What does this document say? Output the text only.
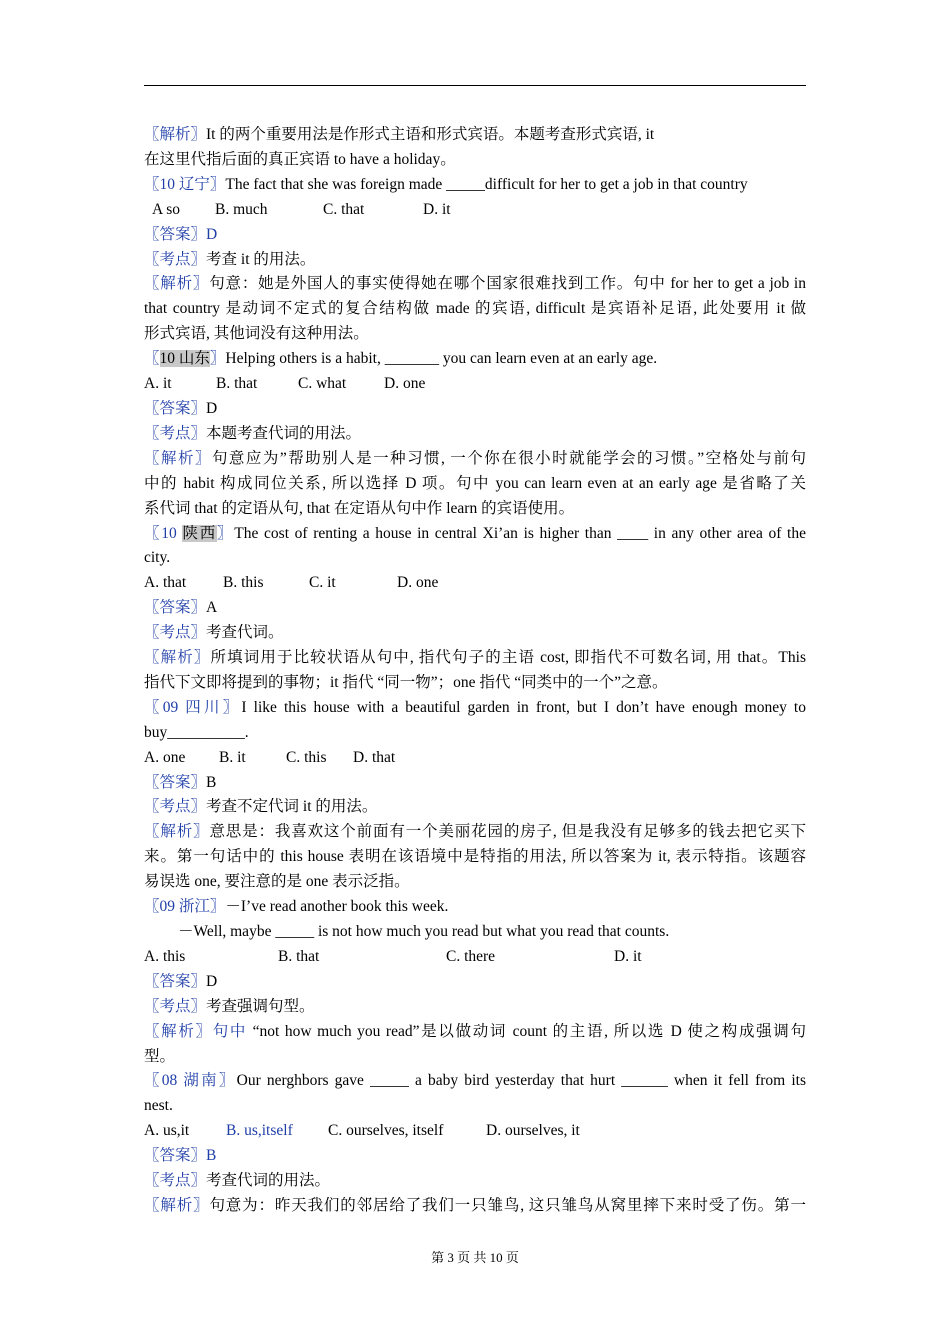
〖解析〗It 的两个重要用法是作形式主语和形式宾语。本题考查形式宾语, it
在这里代指后面的真正宾语 to have a holiday。
〖10 辽宁〗The fact that she was foreign made _____difficult for her to get a job in that country
A so B. much	C. that	D. it
〖答案〗D
〖考点〗考查 it 的用法。
〖解析〗句意：她是外国人的事实使得她在哪个国家很难找到工作。句中 for her to get a job in
that country 是动词不定式的复合结构做 made 的宾语, difficult 是宾语补足语, 此处要用 it 做
形式宾语, 其他词没有这种用法。
〖10 山东〗Helping others is a habit, _______ you can learn even at an early age.
A. it	B. that	C. what D. one
〖答案〗D
〖考点〗本题考查代词的用法。
〖解析〗句意应为”帮助别人是一种习惯, 一个你在很小时就能学会的习惯。”空格处与前句
中的 habit 构成同位关系, 所以选择 D 项。句中 you can learn even at an early age 是省略了关
系代词 that 的定语从句, that 在定语从句中作 learn 的宾语使用。
〖10 陕西〗The cost of renting a house in central Xi’an is higher than ____ in any other area of the
city.
A. that B. this	C. it	D. one
〖答案〗A
〖考点〗考查代词。
〖解析〗所填词用于比较状语从句中, 指代句子的主语 cost, 即指代不可数名词, 用 that。This
指代下文即将提到的事物；it 指代 “同一物”；one 指代 “同类中的一个”之意。
〖09 四川〗I like this house with a beautiful garden in front, but I don’t have enough money to
buy__________.
A. one B. it	C. this D. that
〖答案〗B
〖考点〗考查不定代词 it 的用法。
〖解析〗意思是：我喜欢这个前面有一个美丽花园的房子, 但是我没有足够多的钱去把它买下
来。第一句话中的 this house 表明在该语境中是特指的用法, 所以答案为 it, 表示特指。该题容
易误选 one, 要注意的是 one 表示泛指。
〖09 浙江〗－I’ve read another book this week.
－Well, maybe _____ is not how much you read but what you read that counts.
A. this	B. that	C. there	D. it
〖答案〗D
〖考点〗考查强调句型。
〖解析〗句中 “not how much you read”是以做动词 count 的主语, 所以选 D 使之构成强调句
型。
〖08 湖南〗Our nerghbors gave _____ a baby bird yesterday that hurt ______ when it fell from its
nest.
A. us,it B. us,itself C. ourselves, itself	D. ourselves, it
〖答案〗B
〖考点〗考查代词的用法。
〖解析〗句意为：昨天我们的邻居给了我们一只雏鸟, 这只雏鸟从窝里摔下来时受了伤。第一
第 3 页 共 10 页
